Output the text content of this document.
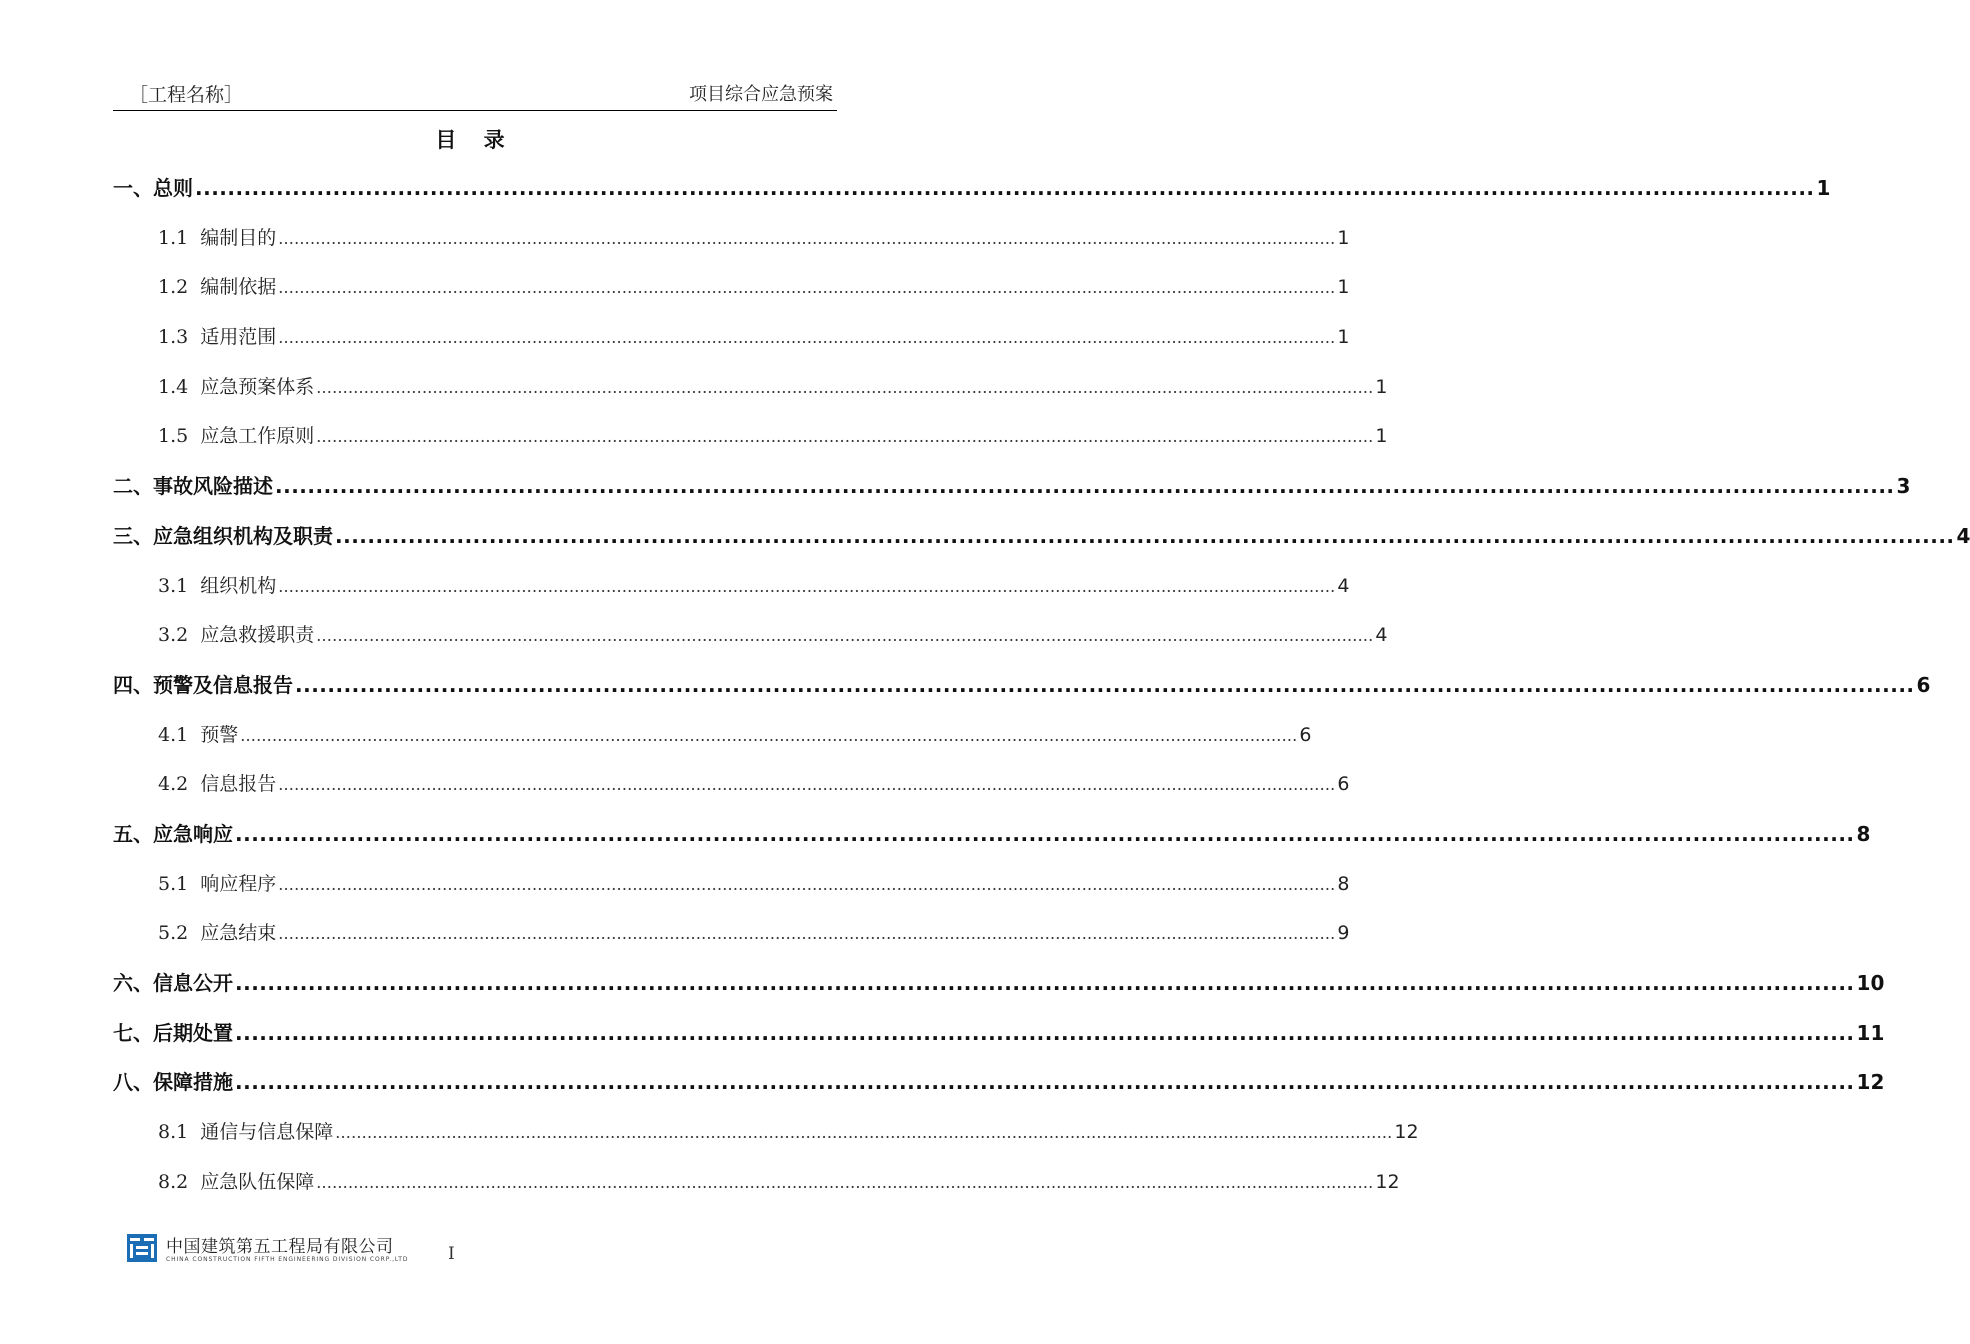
［工程名称］	项目综合应急预案
目 录
一、总则 ........................................................................................................................................................................................................ 1
1.1 编制目的 ........................................................................................................................................................................................................ 1
1.2 编制依据 ........................................................................................................................................................................................................ 1
1.3 适用范围 ........................................................................................................................................................................................................ 1
1.4 应急预案体系 ........................................................................................................................................................................................................ 1
1.5 应急工作原则 ........................................................................................................................................................................................................ 1
二、事故风险描述 ........................................................................................................................................................................................................ 3
三、应急组织机构及职责 ........................................................................................................................................................................................................ 4
3.1 组织机构 ........................................................................................................................................................................................................ 4
3.2 应急救援职责 ........................................................................................................................................................................................................ 4
四、预警及信息报告 ........................................................................................................................................................................................................ 6
4.1 预警 ........................................................................................................................................................................................................ 6
4.2 信息报告 ........................................................................................................................................................................................................ 6
五、应急响应 ........................................................................................................................................................................................................ 8
5.1 响应程序 ........................................................................................................................................................................................................ 8
5.2 应急结束 ........................................................................................................................................................................................................ 9
六、信息公开 ........................................................................................................................................................................................................ 10
七、后期处置 ........................................................................................................................................................................................................ 11
八、保障措施 ........................................................................................................................................................................................................ 12
8.1 通信与信息保障 ........................................................................................................................................................................................................ 12
8.2 应急队伍保障 ........................................................................................................................................................................................................ 12
中国建筑第五工程局有限公司
CHINA CONSTRUCTION FIFTH ENGINEERING DIVISION CORP.,LTD I
